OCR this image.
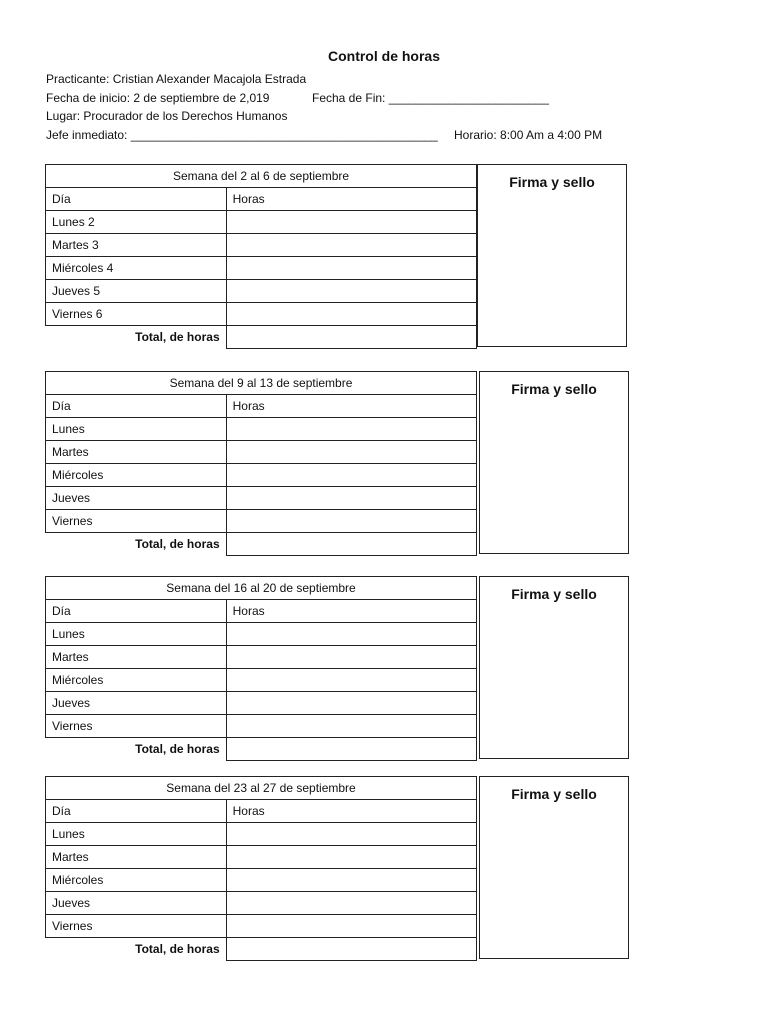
Control de horas
Practicante: Cristian Alexander Macajola Estrada
Fecha de inicio: 2 de septiembre de 2,019	Fecha de Fin: ________________________
Lugar: Procurador de los Derechos Humanos
Jefe inmediato: ______________________________________________ Horario: 8:00 Am a 4:00 PM
Semana del 2 al 6 de septiembre	
Día	Horas
Lunes 2	
Martes 3	
Miércoles 4	
Jueves 5	
Viernes 6	
Total, de horas	
Firma y sello
Semana del 9 al 13 de septiembre	
Día	Horas
Lunes	
Martes	
Miércoles	
Jueves	
Viernes	
Total, de horas	
Firma y sello
Semana del 16 al 20 de septiembre	
Día	Horas
Lunes	
Martes	
Miércoles	
Jueves	
Viernes	
Total, de horas	
Firma y sello
Semana del 23 al 27 de septiembre	
Día	Horas
Lunes	
Martes	
Miércoles	
Jueves	
Viernes	
Total, de horas	
Firma y sello
